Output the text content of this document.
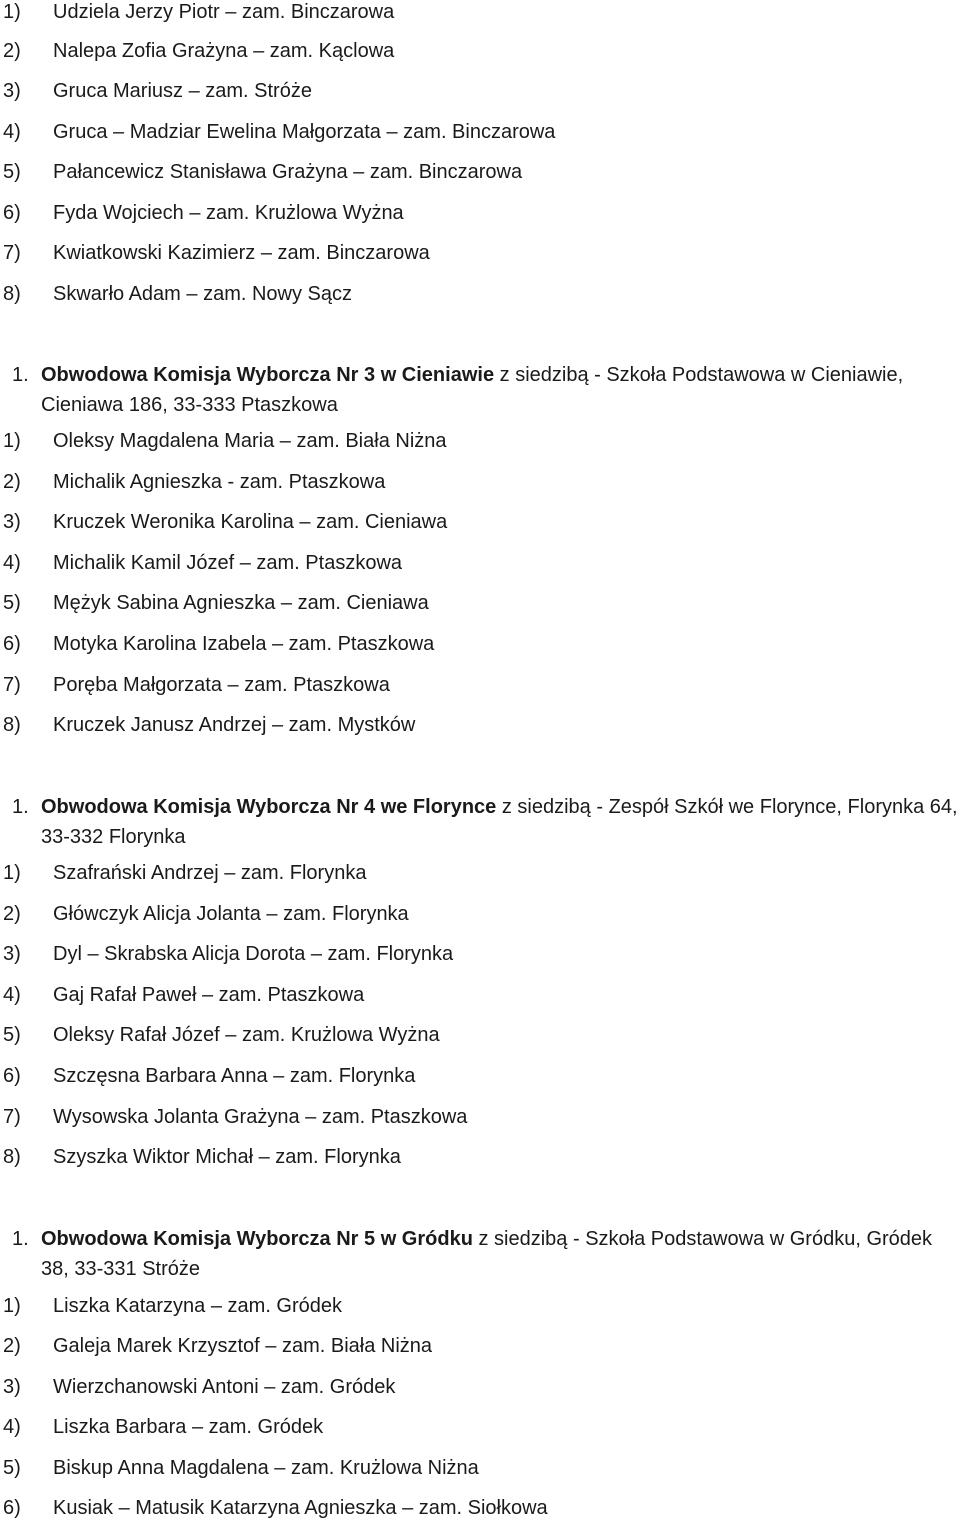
1) Udziela Jerzy Piotr – zam. Binczarowa
2) Nalepa Zofia Grażyna – zam. Kąclowa
3) Gruca Mariusz – zam. Stróże
4) Gruca – Madziar Ewelina Małgorzata – zam. Binczarowa
5) Pałancewicz Stanisława Grażyna – zam. Binczarowa
6) Fyda Wojciech – zam. Krużlowa Wyżna
7) Kwiatkowski Kazimierz – zam. Binczarowa
8) Skwarło Adam – zam. Nowy Sącz
1. Obwodowa Komisja Wyborcza Nr 3 w Cieniawie z siedzibą - Szkoła Podstawowa w Cieniawie, Cieniawa 186, 33-333 Ptaszkowa
1) Oleksy Magdalena Maria – zam. Biała Niżna
2) Michalik Agnieszka - zam. Ptaszkowa
3) Kruczek Weronika Karolina – zam. Cieniawa
4) Michalik Kamil Józef – zam. Ptaszkowa
5) Mężyk Sabina Agnieszka – zam. Cieniawa
6) Motyka Karolina Izabela – zam. Ptaszkowa
7) Poręba Małgorzata – zam. Ptaszkowa
8) Kruczek Janusz Andrzej – zam. Mystków
1. Obwodowa Komisja Wyborcza Nr 4 we Florynce z siedzibą - Zespół Szkół we Florynce, Florynka 64, 33-332 Florynka
1) Szafrański Andrzej – zam. Florynka
2) Główczyk Alicja Jolanta – zam. Florynka
3) Dyl – Skrabska Alicja Dorota – zam. Florynka
4) Gaj Rafał Paweł – zam. Ptaszkowa
5) Oleksy Rafał Józef – zam. Krużlowa Wyżna
6) Szczęsna Barbara Anna – zam. Florynka
7) Wysowska Jolanta Grażyna – zam. Ptaszkowa
8) Szyszka Wiktor Michał – zam. Florynka
1. Obwodowa Komisja Wyborcza Nr 5 w Gródku z siedzibą - Szkoła Podstawowa w Gródku, Gródek 38, 33-331 Stróże
1) Liszka Katarzyna – zam. Gródek
2) Galeja Marek Krzysztof – zam. Biała Niżna
3) Wierzchanowski Antoni – zam. Gródek
4) Liszka Barbara – zam. Gródek
5) Biskup Anna Magdalena – zam. Krużlowa Niżna
6) Kusiak – Matusik Katarzyna Agnieszka – zam. Siołkowa
